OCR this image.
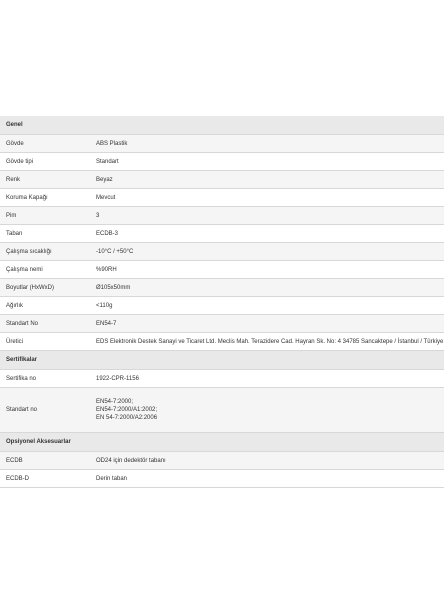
Genel	
Gövde	ABS Plastik
Gövde tipi	Standart
Renk	Beyaz
Koruma Kapağı	Mevcut
Pim	3
Taban	ECDB-3
Çalışma sıcaklığı	-10°C / +50°C
Çalışma nemi	%90RH
Boyutlar (HxWxD)	Ø105x50mm
Ağırlık	<110g
Standart No	EN54-7
Üretici	EDS Elektronik Destek Sanayi ve Ticaret Ltd. Meclis Mah. Terazidere Cad. Hayran Sk. No: 4 34785 Sancaktepe / İstanbul / Türkiye
Sertifikalar	
Sertifika no	1922-CPR-1156
Standart no	EN54-7:2000;
EN54-7:2000/A1:2002;
EN 54-7:2000/A2:2006

Opsiyonel Aksesuarlar	
ECDB	OD24 için dedektör tabanı
ECDB-D	Derin taban
